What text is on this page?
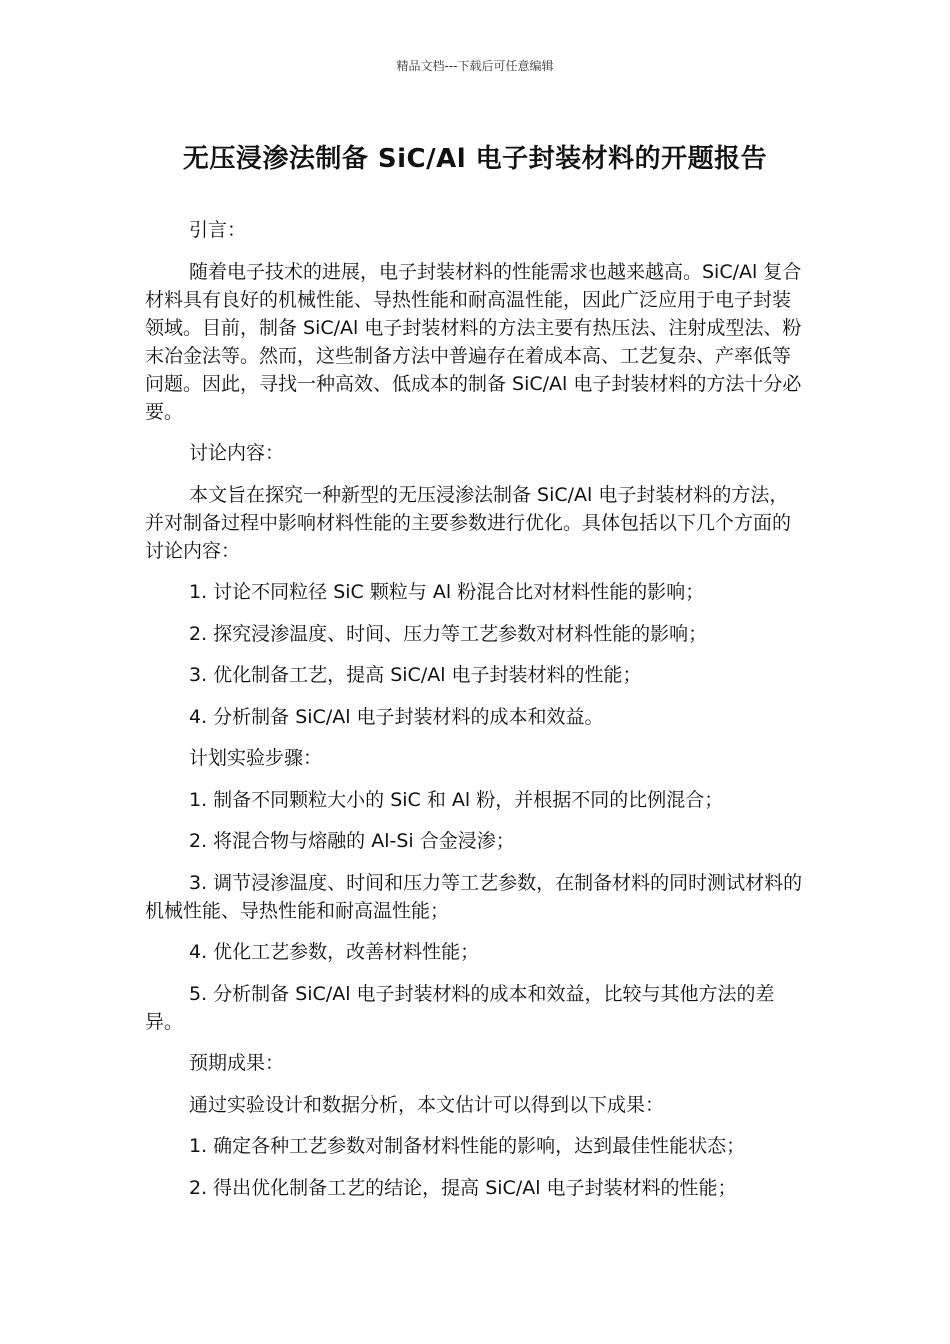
精品文档---下载后可任意编辑
无压浸渗法制备 SiC/Al 电子封装材料的开题报告

引言：

随着电子技术的进展，电子封装材料的性能需求也越来越高。SiC/Al 复合材料具有良好的机械性能、导热性能和耐高温性能，因此广泛应用于电子封装领域。目前，制备 SiC/Al 电子封装材料的方法主要有热压法、注射成型法、粉末冶金法等。然而，这些制备方法中普遍存在着成本高、工艺复杂、产率低等问题。因此，寻找一种高效、低成本的制备 SiC/Al 电子封装材料的方法十分必要。

讨论内容：

本文旨在探究一种新型的无压浸渗法制备 SiC/Al 电子封装材料的方法，并对制备过程中影响材料性能的主要参数进行优化。具体包括以下几个方面的讨论内容：

1. 讨论不同粒径 SiC 颗粒与 Al 粉混合比对材料性能的影响；

2. 探究浸渗温度、时间、压力等工艺参数对材料性能的影响；

3. 优化制备工艺，提高 SiC/Al 电子封装材料的性能；

4. 分析制备 SiC/Al 电子封装材料的成本和效益。

计划实验步骤：

1. 制备不同颗粒大小的 SiC 和 Al 粉，并根据不同的比例混合；

2. 将混合物与熔融的 Al-Si 合金浸渗；

3. 调节浸渗温度、时间和压力等工艺参数，在制备材料的同时测试材料的机械性能、导热性能和耐高温性能；

4. 优化工艺参数，改善材料性能；

5. 分析制备 SiC/Al 电子封装材料的成本和效益，比较与其他方法的差异。

预期成果：

通过实验设计和数据分析，本文估计可以得到以下成果：

1. 确定各种工艺参数对制备材料性能的影响，达到最佳性能状态；

2. 得出优化制备工艺的结论，提高 SiC/Al 电子封装材料的性能；
